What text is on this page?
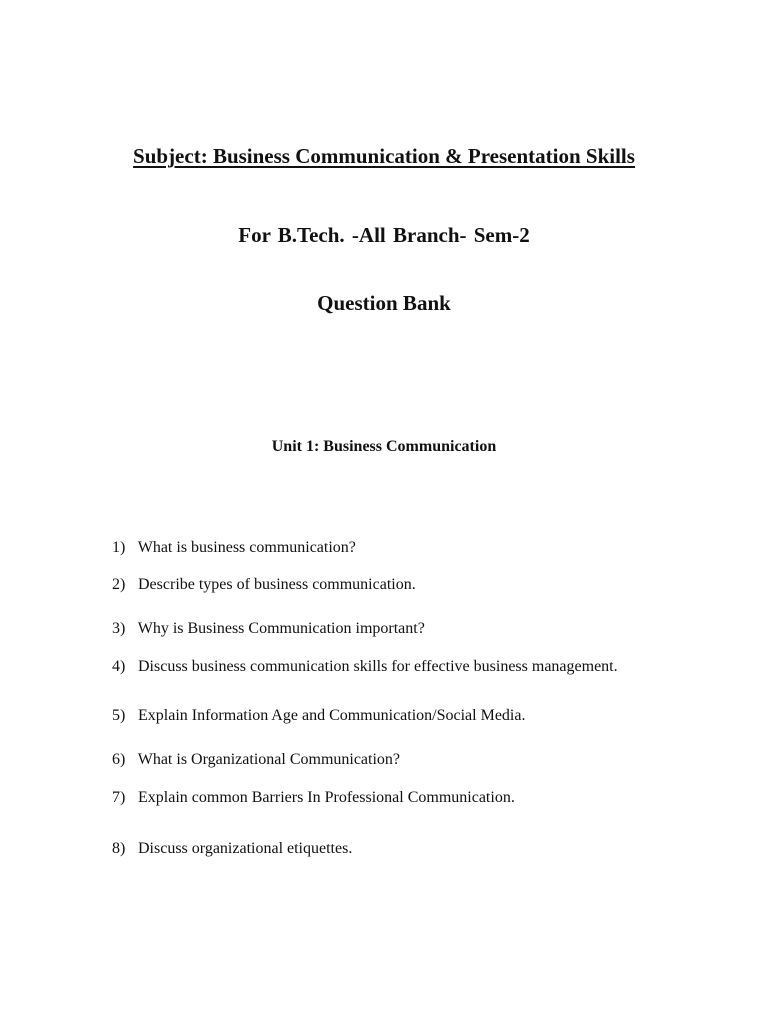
Subject: Business Communication & Presentation Skills
For B.Tech. -All Branch- Sem-2
Question Bank
Unit 1: Business Communication
1) What is business communication?
2) Describe types of business communication.
3) Why is Business Communication important?
4) Discuss business communication skills for effective business management.
5) Explain Information Age and Communication/Social Media.
6) What is Organizational Communication?
7) Explain common Barriers In Professional Communication.
8) Discuss organizational etiquettes.
